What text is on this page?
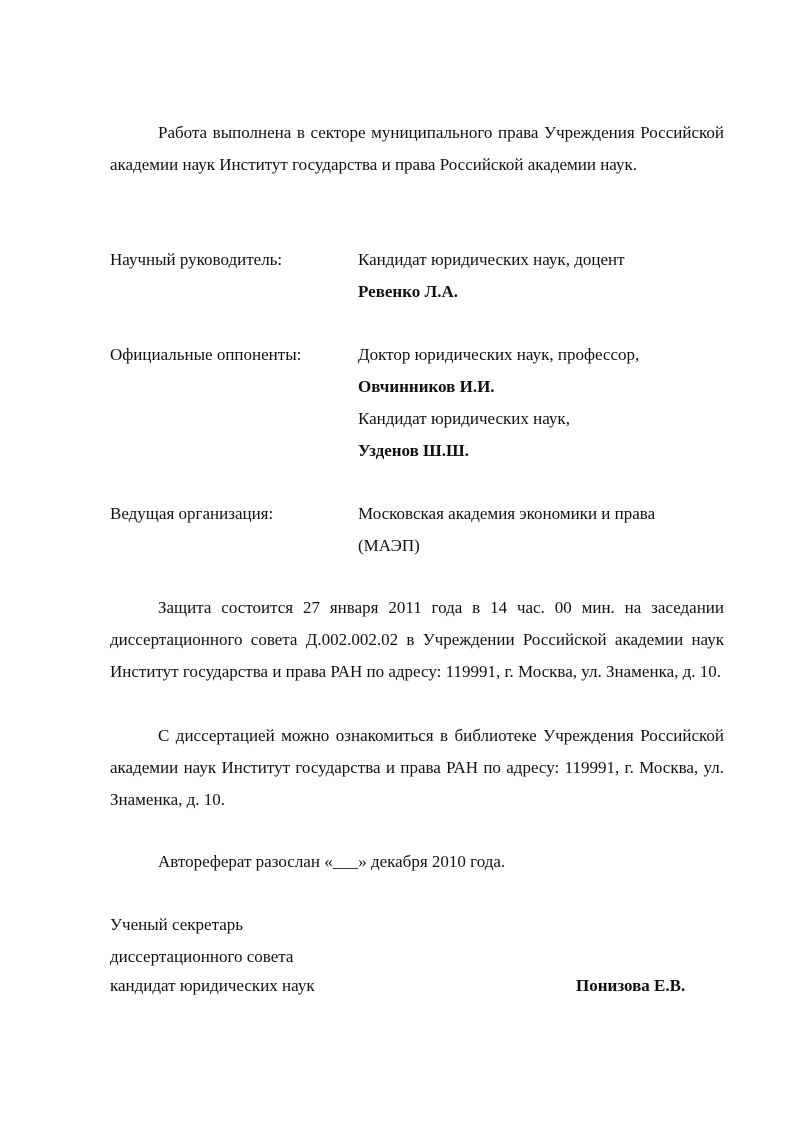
Работа выполнена в секторе муниципального права Учреждения Российской академии наук Институт государства и права Российской академии наук.
Научный руководитель:	Кандидат юридических наук, доцент
Ревенко Л.А.
Официальные оппоненты:	Доктор юридических наук, профессор,
Овчинников И.И.
Кандидат юридических наук,
Узденов Ш.Ш.
Ведущая организация:	Московская академия экономики и права
(МАЭП)
Защита состоится 27 января 2011 года в 14 час. 00 мин. на заседании диссертационного совета Д.002.002.02 в Учреждении Российской академии наук Институт государства и права РАН по адресу: 119991, г. Москва, ул. Знаменка, д. 10.
С диссертацией можно ознакомиться в библиотеке Учреждения Российской академии наук Институт государства и права РАН по адресу: 119991, г. Москва, ул. Знаменка, д. 10.
Автореферат разослан «___» декабря 2010 года.
Ученый секретарь
диссертационного совета
кандидат юридических наук	Понизова Е.В.
